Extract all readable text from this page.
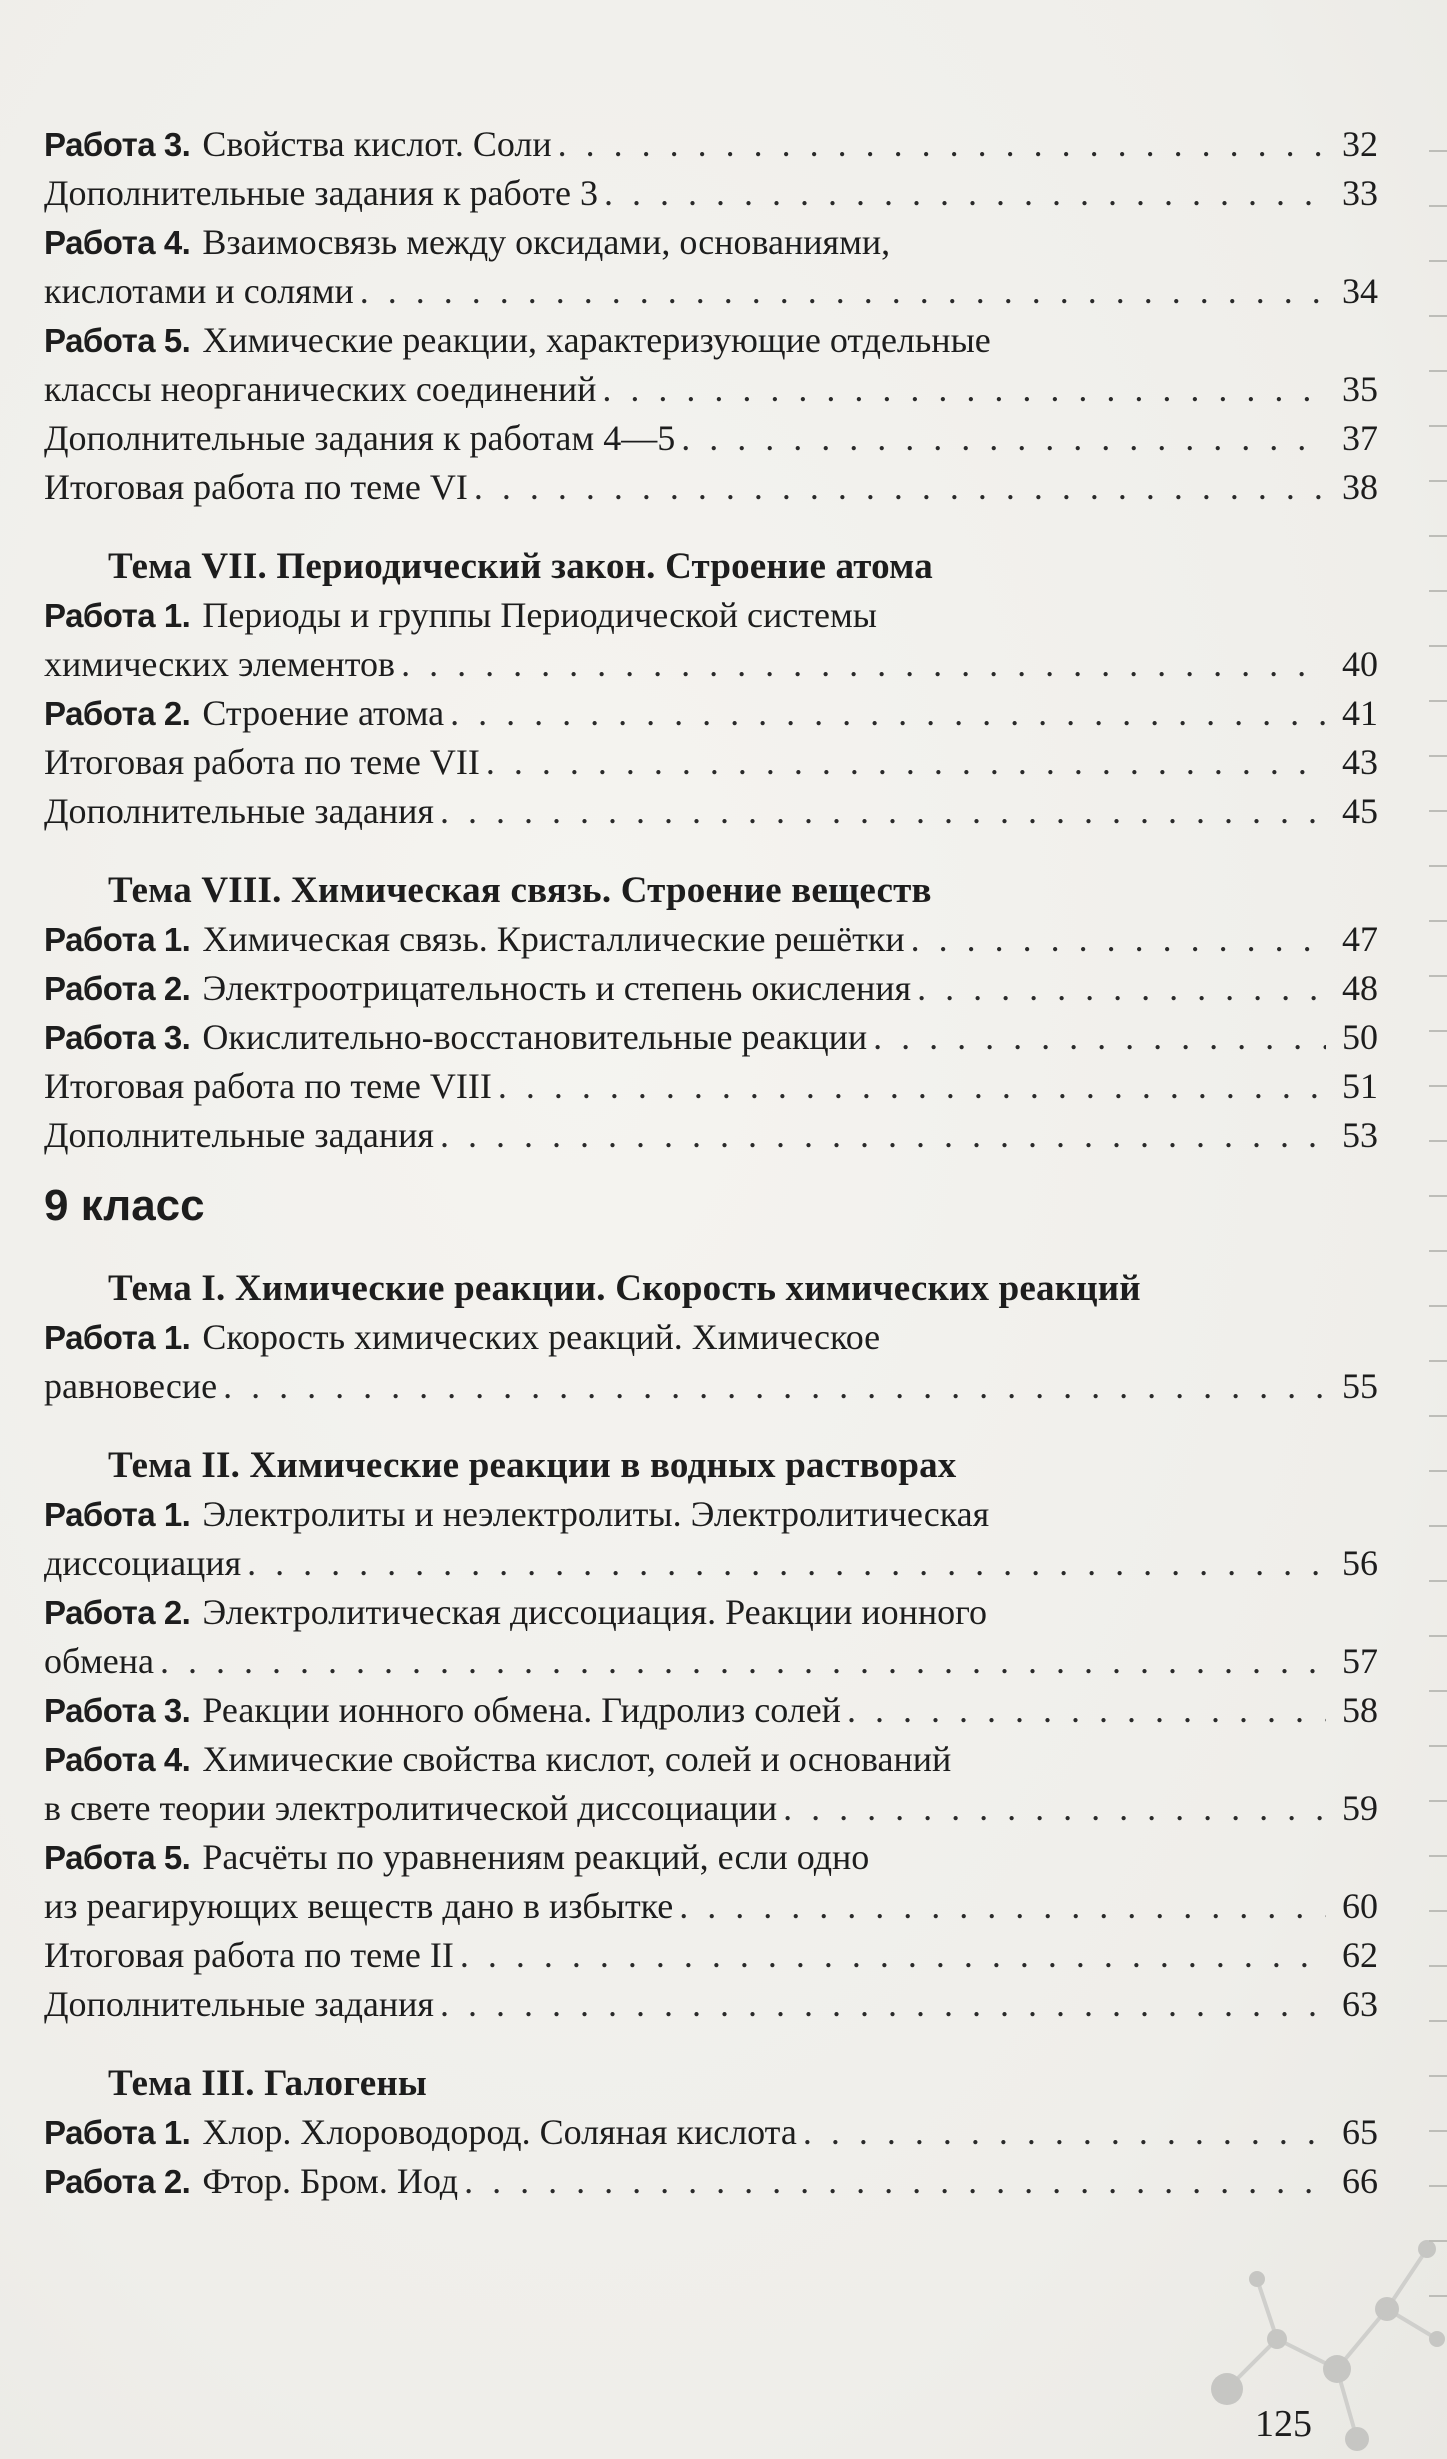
Работа 3. Свойства кислот. Соли . . .	32
Дополнительные задания к работе 3 . . .	33
Работа 4. Взаимосвязь между оксидами, основаниями,
кислотами и солями . . .	34
Работа 5. Химические реакции, характеризующие отдельные
классы неорганических соединений . . .	35
Дополнительные задания к работам 4—5 . . .	37
Итоговая работа по теме VI . . .	38
Тема VII. Периодический закон. Строение атома
Работа 1. Периоды и группы Периодической системы
химических элементов . . .	40
Работа 2. Строение атома . . .	41
Итоговая работа по теме VII . . .	43
Дополнительные задания . . .	45
Тема VIII. Химическая связь. Строение веществ
Работа 1. Химическая связь. Кристаллические решётки . . .	47
Работа 2. Электроотрицательность и степень окисления . . .	48
Работа 3. Окислительно-восстановительные реакции . . .	50
Итоговая работа по теме VIII . . .	51
Дополнительные задания . . .	53
9 класс
Тема I. Химические реакции. Скорость химических реакций
Работа 1. Скорость химических реакций. Химическое
равновесие . . .	55
Тема II. Химические реакции в водных растворах
Работа 1. Электролиты и неэлектролиты. Электролитическая
диссоциация . . .	56
Работа 2. Электролитическая диссоциация. Реакции ионного
обмена . . .	57
Работа 3. Реакции ионного обмена. Гидролиз солей . . .	58
Работа 4. Химические свойства кислот, солей и оснований
в свете теории электролитической диссоциации . . .	59
Работа 5. Расчёты по уравнениям реакций, если одно
из реагирующих веществ дано в избытке . . .	60
Итоговая работа по теме II . . .	62
Дополнительные задания . . .	63
Тема III. Галогены
Работа 1. Хлор. Хлороводород. Соляная кислота . . .	65
Работа 2. Фтор. Бром. Иод . . .	66
125
